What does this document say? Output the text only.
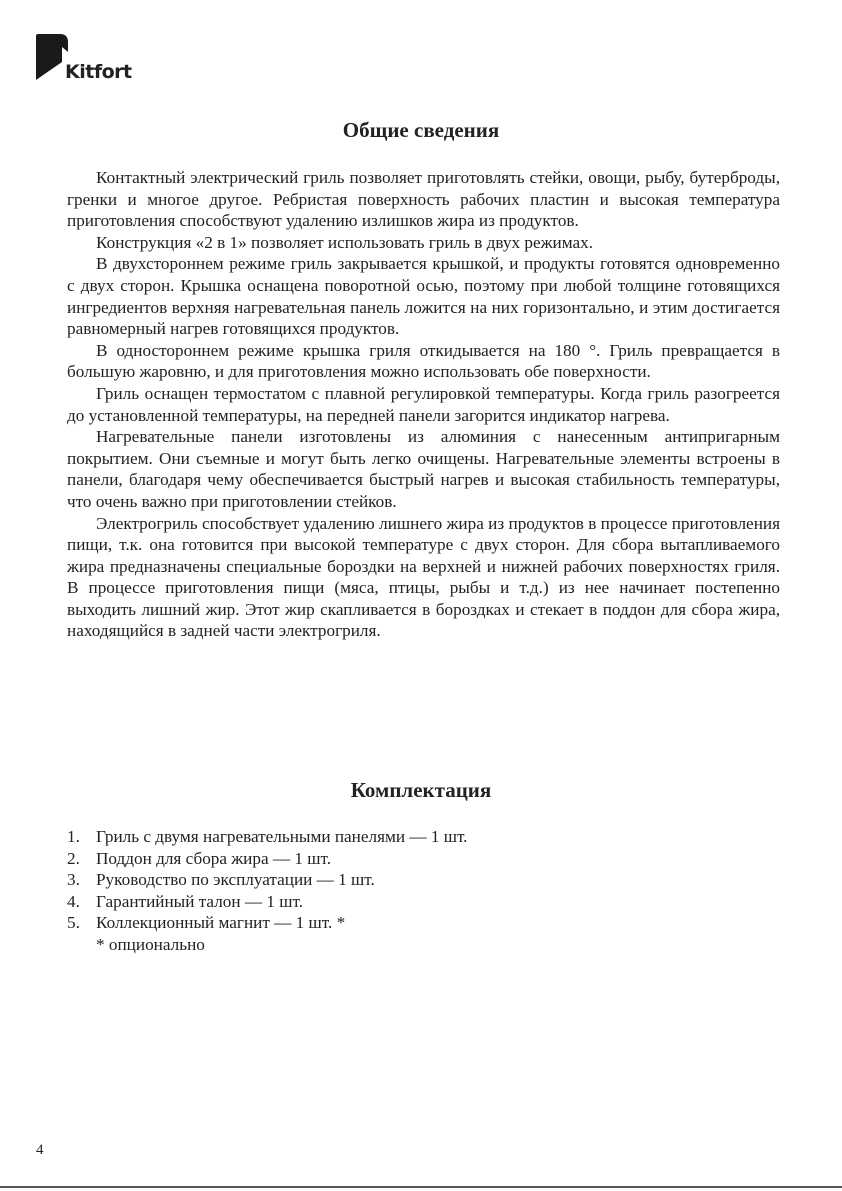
Kitfort
Общие сведения

Контактный электрический гриль позволяет приготовлять стейки, овощи, рыбу, бутерброды, гренки и многое другое. Ребристая поверхность рабочих пластин и высокая температура приготовления способствуют удалению излишков жира из продуктов.

Конструкция «2 в 1» позволяет использовать гриль в двух режимах.

В двухстороннем режиме гриль закрывается крышкой, и продукты готовятся одновременно с двух сторон. Крышка оснащена поворотной осью, поэтому при любой толщине готовящихся ингредиентов верхняя нагревательная панель ложится на них горизонтально, и этим достигается равномерный нагрев готовящихся продуктов.

В одностороннем режиме крышка гриля откидывается на 180 °. Гриль превращается в большую жаровню, и для приготовления можно использовать обе поверхности.

Гриль оснащен термостатом с плавной регулировкой температуры. Когда гриль разогреется до установленной температуры, на передней панели загорится индикатор нагрева.

Нагревательные панели изготовлены из алюминия с нанесенным антипригарным покрытием. Они съемные и могут быть легко очищены. Нагревательные элементы встроены в панели, благодаря чему обеспечивается быстрый нагрев и высокая стабильность температуры, что очень важно при приготовлении стейков.

Электрогриль способствует удалению лишнего жира из продуктов в процессе приготовления пищи, т.к. она готовится при высокой температуре с двух сторон. Для сбора вытапливаемого жира предназначены специальные бороздки на верхней и нижней рабочих поверхностях гриля. В процессе приготовления пищи (мяса, птицы, рыбы и т.д.) из нее начинает постепенно выходить лишний жир. Этот жир скапливается в бороздках и стекает в поддон для сбора жира, находящийся в задней части электрогриля.

Комплектация
1. Гриль с двумя нагревательными панелями — 1 шт.
2. Поддон для сбора жира — 1 шт.
3. Руководство по эксплуатации — 1 шт.
4. Гарантийный талон — 1 шт.
5. Коллекционный магнит — 1 шт. *
* опционально
4
